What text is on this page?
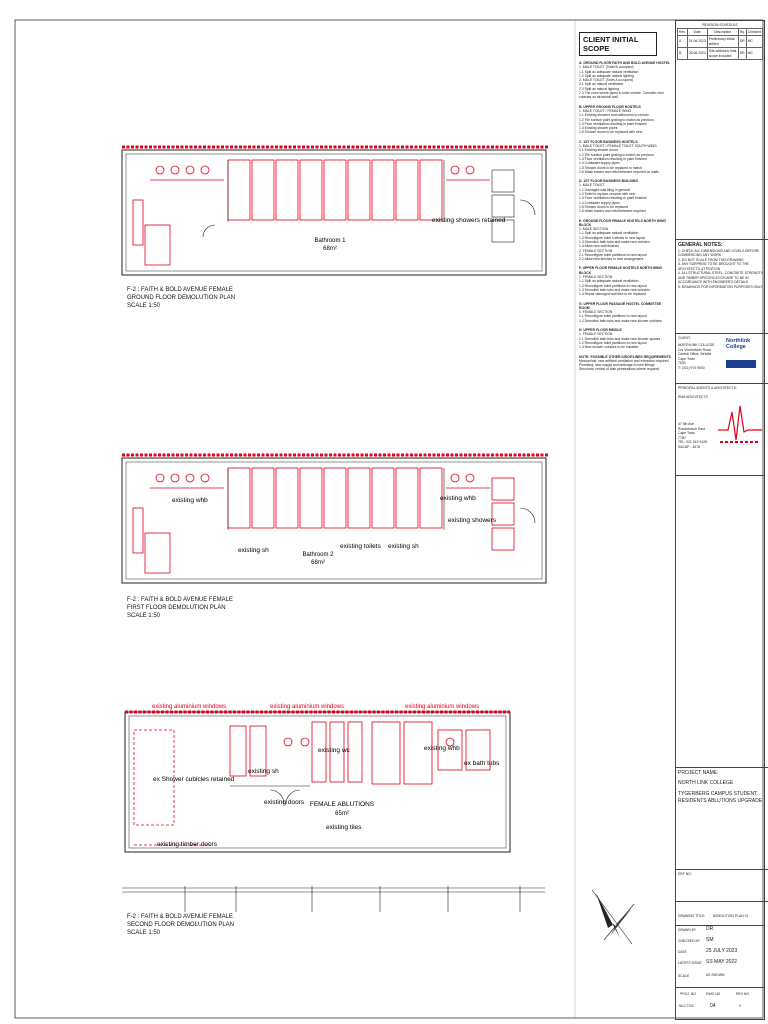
Bathroom 1
68m²
existing showers retained
existing whb	existing whb
existing showers
existing sh
existing toilets existing sh
Bathroom 2
68m²
existing aluminium windows	existing aluminium windows	existing aluminium windows
existing whb
existing wc
existing sh
ex Shower cubicles retained
existing doors
existing tiles
existing timber doors
ex bath tubs
FEMALE ABLUTIONS
65m²
F-2 : FAITH & BOLD AVENUE FEMALE
GROUND FLOOR DEMOLUTION PLAN
SCALE 1:50
F-2 : FAITH & BOLD AVENUE FEMALE
FIRST FLOOR DEMOLUTION PLAN
SCALE 1:50
F-2 : FAITH & BOLD AVENUE FEMALE
SECOND FLOOR DEMOLUTION PLAN
SCALE 1:50
CLIENT INITIAL SCOPE
A. GROUND FLOOR FAITH AND BOLD AVENUE HOSTEL
1. MALE TOILET (Toilet B occupied)
1.1 Split ac adequate natural ventilation
1.2 Split ac adequate natural lighting
2. MALE TOILET (Toilet A occupied)
2.1 Split ac natural ventilation
2.2 Split ac natural lighting
2.3 The rows where pipes in toilet cubicle. Consider new cubicles on structural wall.
B. UPPER GROUND FLOOR HOSTELS
1. MALE TOILET / FEMALE WING
1.1 Existing showers and bathrooms to remain
1.2 Tile surface paint grating to match as previous
1.3 Floor ventilation resulting in paint finishes
1.4 Existing shower pipes
1.5 Shower doors to be replaced with new
C. 1ST FLOOR BUSINESS HOSTELS
1. MALE TOILET / FEMALE TOILET SOUTH WING
1.1 Existing shower doors
1.2 Tile surface paint grating to match as previous
1.3 Floor ventilation resulting in paint finishes
1.4 Coldwater supply pipes
1.5 Shower doors to be replaced to match
1.6 Wash basins and refurbishment required on walls
D. 1ST FLOOR BUSINESS BUILDING
1. MALE TOILET
1.1 Damaged wall tiling in general
1.2 Toilet to replace ceramic with new
1.3 Floor ventilation resulting in paint finishes
1.4 Coldwater supply pipes
1.5 Shower doors to be replaced
1.6 Wash basins and refurbishment required
E. GROUND FLOOR FEMALE HOSTELS NORTH WING BLOCK
1. MALE SECTION
1.1 Split ac adequate natural ventilation
1.2 Reconfigure toilet cubicles to new layout
1.3 Demolish bath tubs and make new cubicles
1.4 Allow new wall finishes
2. FEMALE SECTION
2.1 Reconfigure toilet partitions to new layout
2.2 Allow new finishes to new arrangement
F. UPPER FLOOR FEMALE HOSTELS NORTH WING BLOCK
1. FEMALE SECTION
1.1 Split ac adequate natural ventilation
1.2 Reconfigure toilet partitions to new layout
1.3 Demolish bath tubs and make new cubicles
1.4 Repair damaged wall tiles to be replaced
G. UPPER FLOOR PASSAGE HOSTEL COMMITTEE ROOM
1. FEMALE SECTION
1.1 Reconfigure toilet partitions to new layout
1.2 Demolish bath tubs and make new shower cubicles
H. UPPER FLOOR MIDDLE
1. FEMALE SECTION
1.1 Demolish bath tubs and make new shower spaces
1.2 Reconfigure toilet partitions to new layout
1.3 New shower cubicles to be installed
NOTE: POSSIBLE OTHER DISCIPLINES REQUIREMENTS
Mechanical: new artificial ventilation and extraction required
Plumbing: new supply and drainage to new fittings
Structural: review of slab penetrations where required
REVISION SCHEDULE
Rev.	Date	Description	By	Checked
A	01.06.2023	Preliminary initial settled	DR	MC
B	25.06.2023	Site additions final scope included	DR	MC
GENERAL NOTES:
1. CHECK ALL DIMENSIONS AND LEVELS BEFORE COMMENCING ANY WORK
2. DO NOT SCALE FROM THIS DRAWING
3. ANY SURPRISE TO BE BROUGHT TO THE ARCHITECT'S ATTENTION
4. ALL STRUCTURAL STEEL, CONCRETE STRENGTH AND TIMBER SPECIFICATION ARE TO BE IN ACCORDANCE WITH ENGINEER'S DETAILS
5. DRAWINGS FOR INFORMATION PURPOSES ONLY
CLIENT:
NORTHLINK COLLEGE
Cnr Voortrekker Road
Central Office, Belville
Cape Town
7530
T: (021) 970 9000
Northlink College
PRINCIPAL AGENTS & ARCHITECTS:
RMA ARCHITECTS
47 9th Ave
Rondebosch East
Cape Town
7780
TEL: 021 913 9428
SACAP - 4678
PROJECT NAME:
NORTH LINK COLLEGE
TYGERBERG CAMPUS STUDENT
RESIDENTS ABLUTIONS UPGRADE
ERF NO:
DRAWING TITLE: DEMOLITION PLAN 01
DRAWN BY DR
CHECKED BY SM
DATE	25 JULY 2023
LATEST ISSUE SS MAY 2022
SCALE	AS SHOWN
PROJ. NO	DWG NO	REV NO
NLC-TGC	04	0
